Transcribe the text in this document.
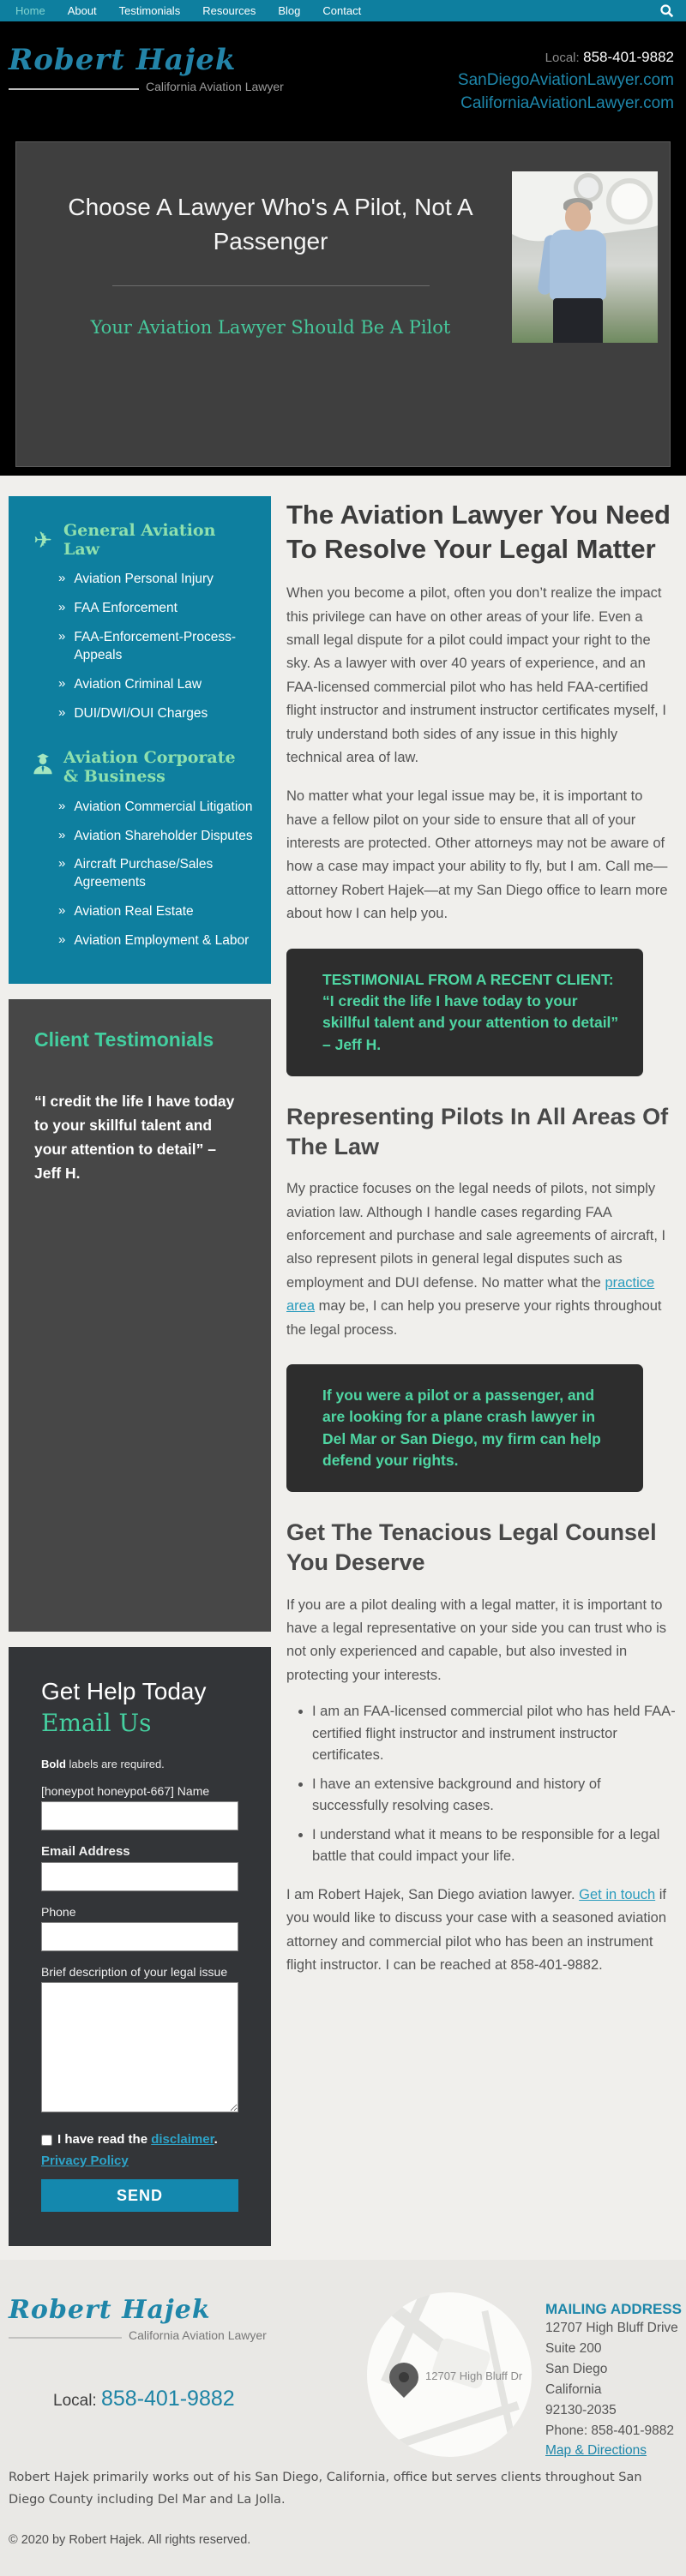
Home About Testimonials Resources Blog Contact
Robert Hajek
California Aviation Lawyer
Local: 858-401-9882
SanDiegoAviationLawyer.com
CaliforniaAviationLawyer.com
Choose A Lawyer Who's A Pilot, Not A Passenger
Your Aviation Lawyer Should Be A Pilot
✈ General Aviation Law
» Aviation Personal Injury
» FAA Enforcement
» FAA-Enforcement-Process-Appeals
» Aviation Criminal Law
» DUI/DWI/OUI Charges
Aviation Corporate & Business
» Aviation Commercial Litigation
» Aviation Shareholder Disputes
» Aircraft Purchase/Sales Agreements
» Aviation Real Estate
» Aviation Employment & Labor
Client Testimonials
“I credit the life I have today to your skillful talent and your attention to detail” – Jeff H.
Get Help Today
Email Us
Bold labels are required.
[honeypot honeypot-667] Name
Email Address
Phone
Brief description of your legal issue
I have read the disclaimer.
Privacy Policy
SEND
The Aviation Lawyer You Need To Resolve Your Legal Matter

When you become a pilot, often you don’t realize the impact this privilege can have on other areas of your life. Even a small legal dispute for a pilot could impact your right to the sky. As a lawyer with over 40 years of experience, and an FAA-licensed commercial pilot who has held FAA-certified flight instructor and instrument instructor certificates myself, I truly understand both sides of any issue in this highly technical area of law.

No matter what your legal issue may be, it is important to have a fellow pilot on your side to ensure that all of your interests are protected. Other attorneys may not be aware of how a case may impact your ability to fly, but I am. Call me—attorney Robert Hajek—at my San Diego office to learn more about how I can help you.

TESTIMONIAL FROM A RECENT CLIENT: “I credit the life I have today to your skillful talent and your attention to detail” – Jeff H.

Representing Pilots In All Areas Of The Law

My practice focuses on the legal needs of pilots, not simply aviation law. Although I handle cases regarding FAA enforcement and purchase and sale agreements of aircraft, I also represent pilots in general legal disputes such as employment and DUI defense. No matter what the practice area may be, I can help you preserve your rights throughout the legal process.

If you were a pilot or a passenger, and are looking for a plane crash lawyer in Del Mar or San Diego, my firm can help defend your rights.

Get The Tenacious Legal Counsel You Deserve

If you are a pilot dealing with a legal matter, it is important to have a legal representative on your side you can trust who is not only experienced and capable, but also invested in protecting your interests.

• I am an FAA-licensed commercial pilot who has held FAA-certified flight instructor and instrument instructor certificates.
• I have an extensive background and history of successfully resolving cases.
• I understand what it means to be responsible for a legal battle that could impact your life.

I am Robert Hajek, San Diego aviation lawyer. Get in touch if you would like to discuss your case with a seasoned aviation attorney and commercial pilot who has been an instrument flight instructor. I can be reached at 858-401-9882.

Robert Hajek
California Aviation Lawyer
Local: 858-401-9882
12707 High Bluff Dr
MAILING ADDRESS
12707 High Bluff Drive
Suite 200
San Diego
California
92130-2035
Phone: 858-401-9882
Map & Directions
Robert Hajek primarily works out of his San Diego, California, office but serves clients throughout San Diego County including Del Mar and La Jolla.
© 2020 by Robert Hajek. All rights reserved.
